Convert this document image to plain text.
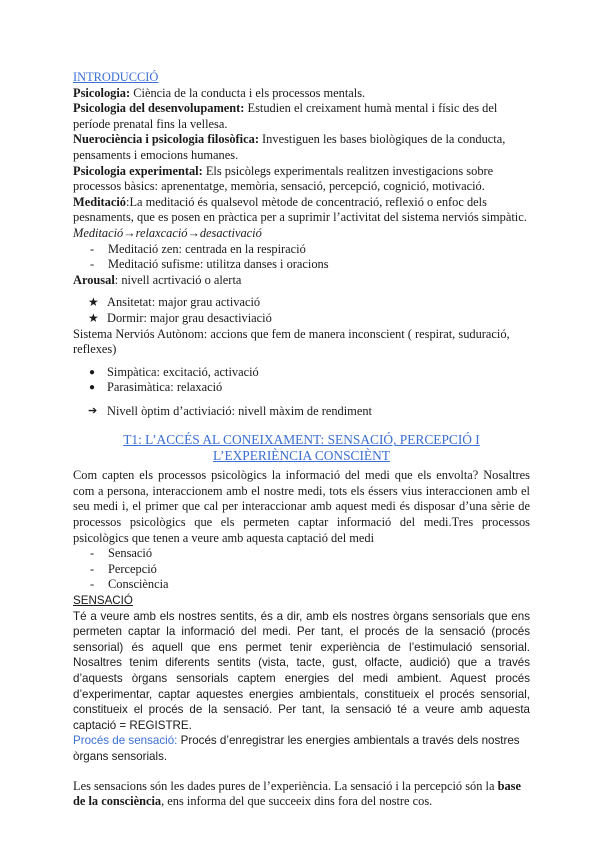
INTRODUCCIÓ

Psicologia: Ciència de la conducta i els processos mentals.

Psicologia del desenvolupament: Estudien el creixament humà mental i físic des del període prenatal fins la vellesa.

Nuerociència i psicologia filosòfica: Investiguen les bases biològiques de la conducta, pensaments i emocions humanes.

Psicologia experimental: Els psicòlegs experimentals realitzen investigacions sobre processos bàsics: aprenentatge, memòria, sensació, percepció, cognició, motivació.

Meditació:La meditació és qualsevol mètode de concentració, reflexió o enfoc dels pesnaments, que es posen en pràctica per a suprimir l’activitat del sistema nerviós simpàtic.

Meditació→relaxcació→desactivació

- Meditació zen: centrada en la respiració
- Meditació sufisme: utilitza danses i oracions

Arousal: nivell acrtivació o alerta

★ Ansitetat: major grau activació
★ Dormir: major grau desactiviació

Sistema Nerviós Autònom: accions que fem de manera inconscient ( respirat, suduració, reflexes)

● Simpàtica: excitació, activació
● Parasimàtica: relaxació
➔ Nivell òptim d’activiació: nivell màxim de rendiment

T1: L’ACCÉS AL CONEIXAMENT: SENSACIÓ, PERCEPCIÓ I L’EXPERIÈNCIA CONSCIÈNT

Com capten els processos psicològics la informació del medi que els envolta? Nosaltres com a persona, interaccionem amb el nostre medi, tots els éssers vius interaccionen amb el seu medi i, el primer que cal per interaccionar amb aquest medi és disposar d’una sèrie de processos psicològics que els permeten captar informació del medi.Tres processos psicològics que tenen a veure amb aquesta captació del medi

- Sensació
- Percepció
- Consciència

SENSACIÓ

Té a veure amb els nostres sentits, és a dir, amb els nostres òrgans sensorials que ens permeten captar la informació del medi. Per tant, el procés de la sensació (procés sensorial) és aquell que ens permet tenir experiència de l’estimulació sensorial. Nosaltres tenim diferents sentits (vista, tacte, gust, olfacte, audició) que a través d’aquests òrgans sensorials captem energies del medi ambient. Aquest procés d’experimentar, captar aquestes energies ambientals, constitueix el procés sensorial, constitueix el procés de la sensació. Per tant, la sensació té a veure amb aquesta captació = REGISTRE.

Procés de sensació: Procés d’enregistrar les energies ambientals a través dels nostres òrgans sensorials.

Les sensacions són les dades pures de l’experiència. La sensació i la percepció són la base de la consciència, ens informa del que succeeix dins fora del nostre cos.
